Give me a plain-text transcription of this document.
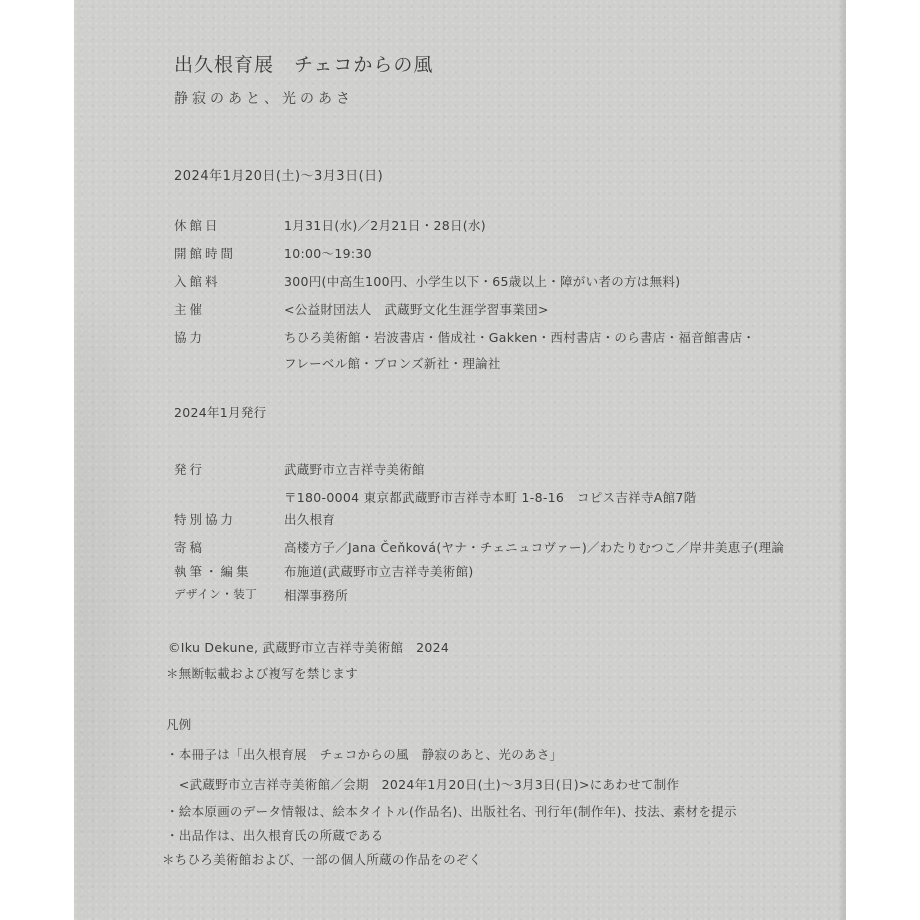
出久根育展　チェコからの風
静寂のあと、光のあさ
2024年1月20日(土)～3月3日(日)
休館日	1月31日(水)／2月21日・28日(水)
開館時間	10:00～19:30
入館料	300円(中高生100円、小学生以下・65歳以上・障がい者の方は無料)
主催	<公益財団法人　武蔵野文化生涯学習事業団>
協力	ちひろ美術館・岩波書店・偕成社・Gakken・西村書店・のら書店・福音館書店・
フレーベル館・ブロンズ新社・理論社
2024年1月発行
発行	武蔵野市立吉祥寺美術館
〒180-0004 東京都武蔵野市吉祥寺本町 1-8-16　コピス吉祥寺A館7階
特別協力	出久根育
寄稿	高楼方子／Jana Čeňková(ヤナ・チェニュコヴァー)／わたりむつこ／岸井美恵子(理論
執筆・編集	布施道(武蔵野市立吉祥寺美術館)
デザイン・装丁 相澤事務所
©Iku Dekune, 武蔵野市立吉祥寺美術館　2024
＊無断転載および複写を禁じます
凡例
・本冊子は「出久根育展　チェコからの風　静寂のあと、光のあさ」
　<武蔵野市立吉祥寺美術館／会期　2024年1月20日(土)～3月3日(日)>にあわせて制作
・絵本原画のデータ情報は、絵本タイトル(作品名)、出版社名、刊行年(制作年)、技法、素材を提示
・出品作は、出久根育氏の所蔵である
＊ちひろ美術館および、一部の個人所蔵の作品をのぞく
